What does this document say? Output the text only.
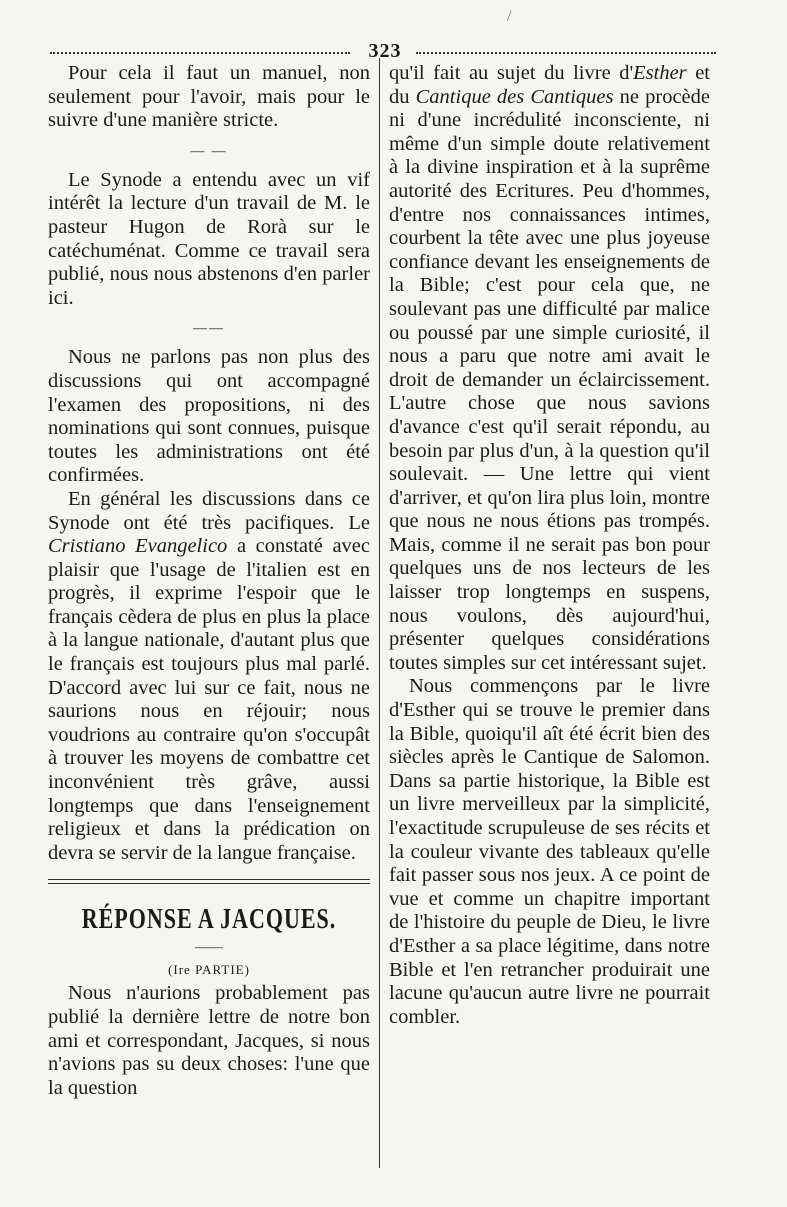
/
323

Pour cela il faut un manuel, non seulement pour l'avoir, mais pour le suivre d'une manière stricte.

— —

Le Synode a entendu avec un vif intérêt la lecture d'un travail de M. le pasteur Hugon de Rorà sur le catéchuménat. Comme ce travail sera publié, nous nous abstenons d'en parler ici.

——

Nous ne parlons pas non plus des discussions qui ont accompagné l'examen des propositions, ni des nominations qui sont connues, puisque toutes les administrations ont été confirmées.

En général les discussions dans ce Synode ont été très pacifiques. Le Cristiano Evangelico a constaté avec plaisir que l'usage de l'italien est en progrès, il exprime l'espoir que le français cèdera de plus en plus la place à la langue nationale, d'autant plus que le français est toujours plus mal parlé. D'accord avec lui sur ce fait, nous ne saurions nous en réjouir; nous voudrions au contraire qu'on s'occupât à trouver les moyens de combattre cet inconvénient très grâve, aussi longtemps que dans l'enseignement religieux et dans la prédication on devra se servir de la langue française.

RÉPONSE A JACQUES.
——
(Ire PARTIE)

Nous n'aurions probablement pas publié la dernière lettre de notre bon ami et correspondant, Jacques, si nous n'avions pas su deux choses: l'une que la question

qu'il fait au sujet du livre d'Esther et du Cantique des Cantiques ne procède ni d'une incrédulité inconsciente, ni même d'un simple doute relativement à la divine inspiration et à la suprême autorité des Ecritures. Peu d'hommes, d'entre nos connaissances intimes, courbent la tête avec une plus joyeuse confiance devant les enseignements de la Bible; c'est pour cela que, ne soulevant pas une difficulté par malice ou poussé par une simple curiosité, il nous a paru que notre ami avait le droit de demander un éclaircissement. L'autre chose que nous savions d'avance c'est qu'il serait répondu, au besoin par plus d'un, à la question qu'il soulevait. — Une lettre qui vient d'arriver, et qu'on lira plus loin, montre que nous ne nous étions pas trompés. Mais, comme il ne serait pas bon pour quelques uns de nos lecteurs de les laisser trop longtemps en suspens, nous voulons, dès aujourd'hui, présenter quelques considérations toutes simples sur cet intéressant sujet.

Nous commençons par le livre d'Esther qui se trouve le premier dans la Bible, quoiqu'il aît été écrit bien des siècles après le Cantique de Salomon. Dans sa partie historique, la Bible est un livre merveilleux par la simplicité, l'exactitude scrupuleuse de ses récits et la couleur vivante des tableaux qu'elle fait passer sous nos jeux. A ce point de vue et comme un chapitre important de l'histoire du peuple de Dieu, le livre d'Esther a sa place légitime, dans notre Bible et l'en retrancher produirait une lacune qu'aucun autre livre ne pourrait combler.
